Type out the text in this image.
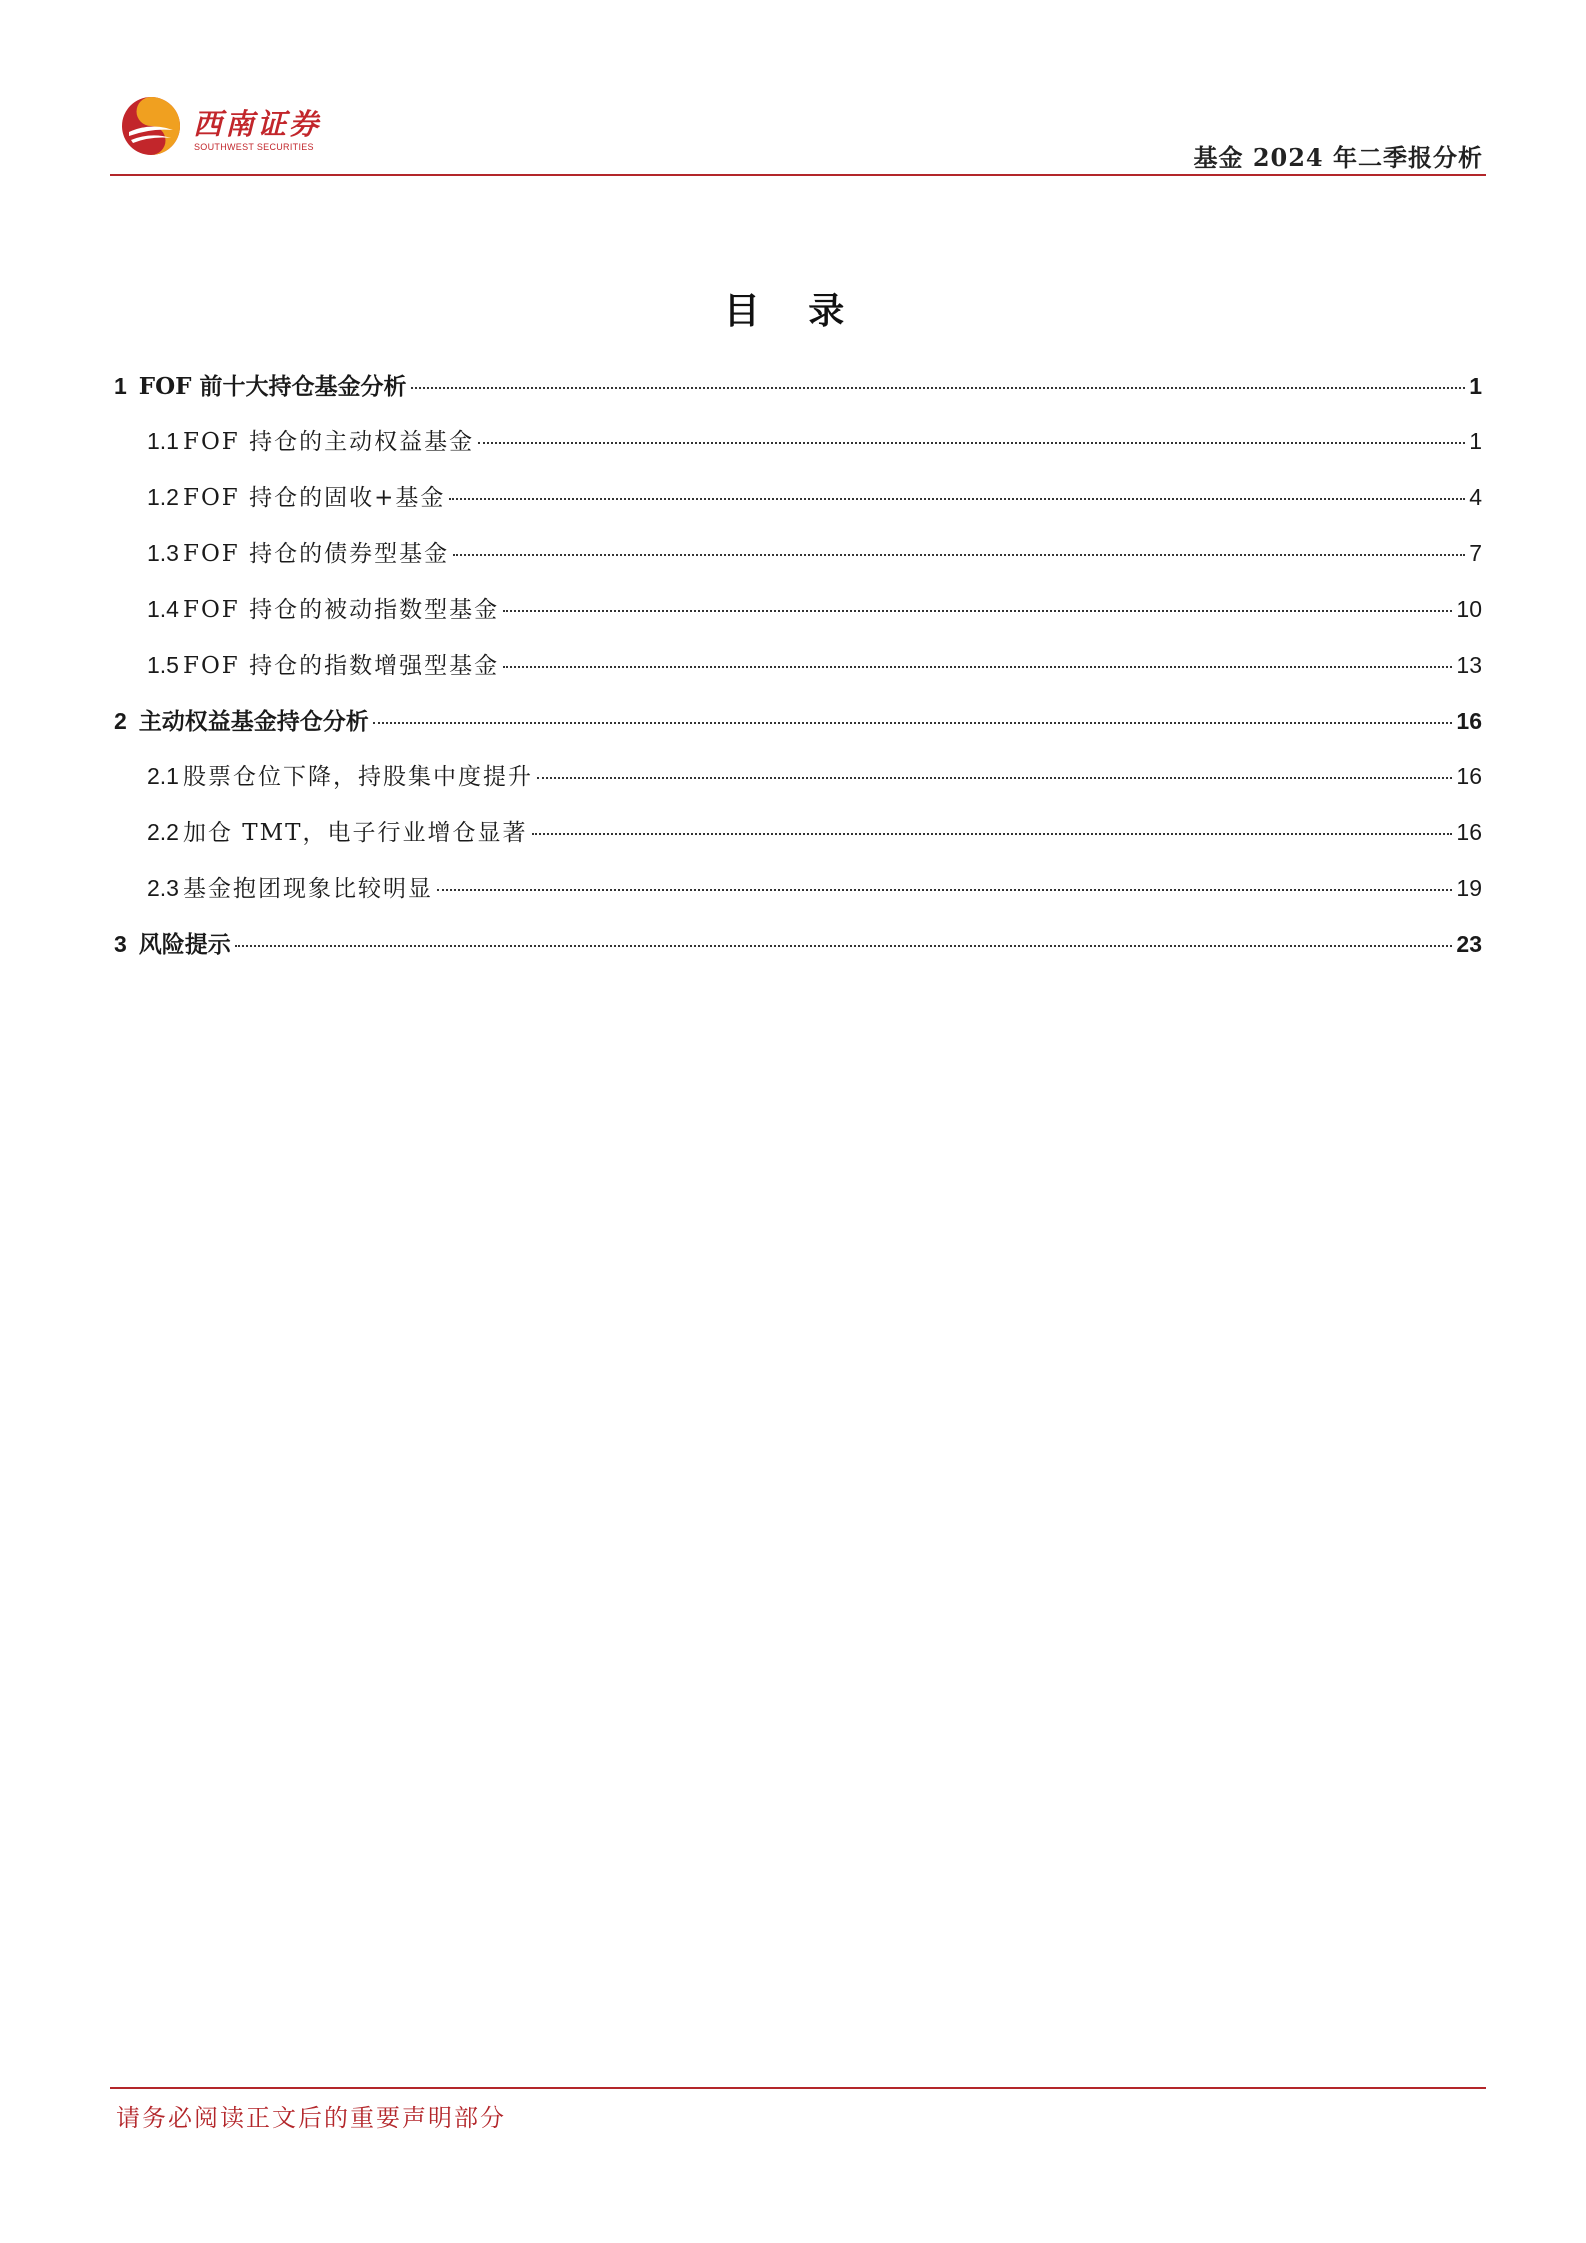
西南证券
SOUTHWEST SECURITIES	基金 2024 年二季报分析
目 录
1 FOF 前十大持仓基金分析	1
1.1 FOF 持仓的主动权益基金	1
1.2 FOF 持仓的固收+基金	4
1.3 FOF 持仓的债券型基金	7
1.4 FOF 持仓的被动指数型基金	10
1.5 FOF 持仓的指数增强型基金	13
2 主动权益基金持仓分析	16
2.1 股票仓位下降，持股集中度提升	16
2.2 加仓 TMT，电子行业增仓显著	16
2.3 基金抱团现象比较明显	19
3 风险提示	23
请务必阅读正文后的重要声明部分
